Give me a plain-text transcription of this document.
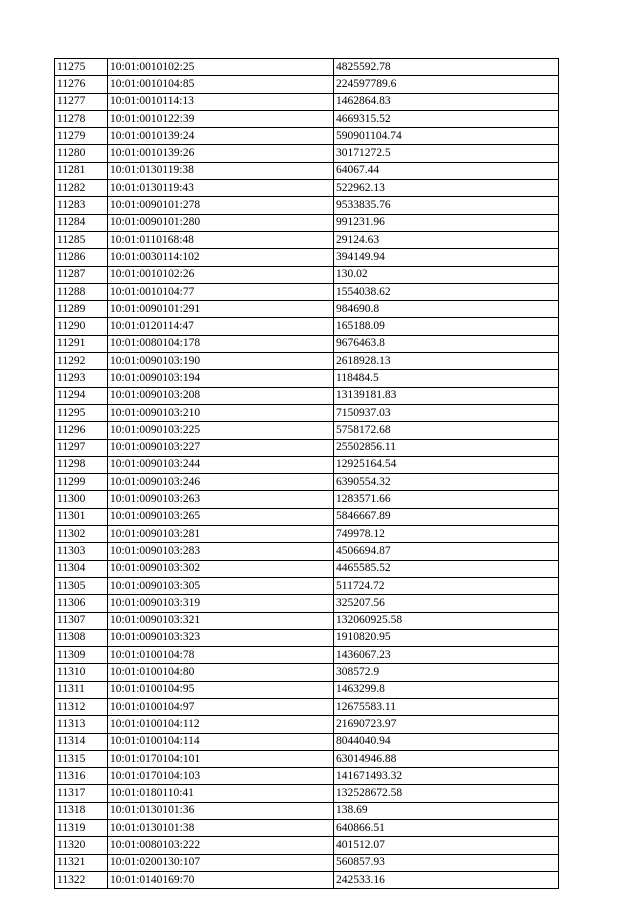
11275	10:01:0010102:25	4825592.78
11276	10:01:0010104:85	224597789.6
11277	10:01:0010114:13	1462864.83
11278	10:01:0010122:39	4669315.52
11279	10:01:0010139:24	590901104.74
11280	10:01:0010139:26	30171272.5
11281	10:01:0130119:38	64067.44
11282	10:01:0130119:43	522962.13
11283	10:01:0090101:278	9533835.76
11284	10:01:0090101:280	991231.96
11285	10:01:0110168:48	29124.63
11286	10:01:0030114:102	394149.94
11287	10:01:0010102:26	130.02
11288	10:01:0010104:77	1554038.62
11289	10:01:0090101:291	984690.8
11290	10:01:0120114:47	165188.09
11291	10:01:0080104:178	9676463.8
11292	10:01:0090103:190	2618928.13
11293	10:01:0090103:194	118484.5
11294	10:01:0090103:208	13139181.83
11295	10:01:0090103:210	7150937.03
11296	10:01:0090103:225	5758172.68
11297	10:01:0090103:227	25502856.11
11298	10:01:0090103:244	12925164.54
11299	10:01:0090103:246	6390554.32
11300	10:01:0090103:263	1283571.66
11301	10:01:0090103:265	5846667.89
11302	10:01:0090103:281	749978.12
11303	10:01:0090103:283	4506694.87
11304	10:01:0090103:302	4465585.52
11305	10:01:0090103:305	511724.72
11306	10:01:0090103:319	325207.56
11307	10:01:0090103:321	132060925.58
11308	10:01:0090103:323	1910820.95
11309	10:01:0100104:78	1436067.23
11310	10:01:0100104:80	308572.9
11311	10:01:0100104:95	1463299.8
11312	10:01:0100104:97	12675583.11
11313	10:01:0100104:112	21690723.97
11314	10:01:0100104:114	8044040.94
11315	10:01:0170104:101	63014946.88
11316	10:01:0170104:103	141671493.32
11317	10:01:0180110:41	132528672.58
11318	10:01:0130101:36	138.69
11319	10:01:0130101:38	640866.51
11320	10:01:0080103:222	401512.07
11321	10:01:0200130:107	560857.93
11322	10:01:0140169:70	242533.16
